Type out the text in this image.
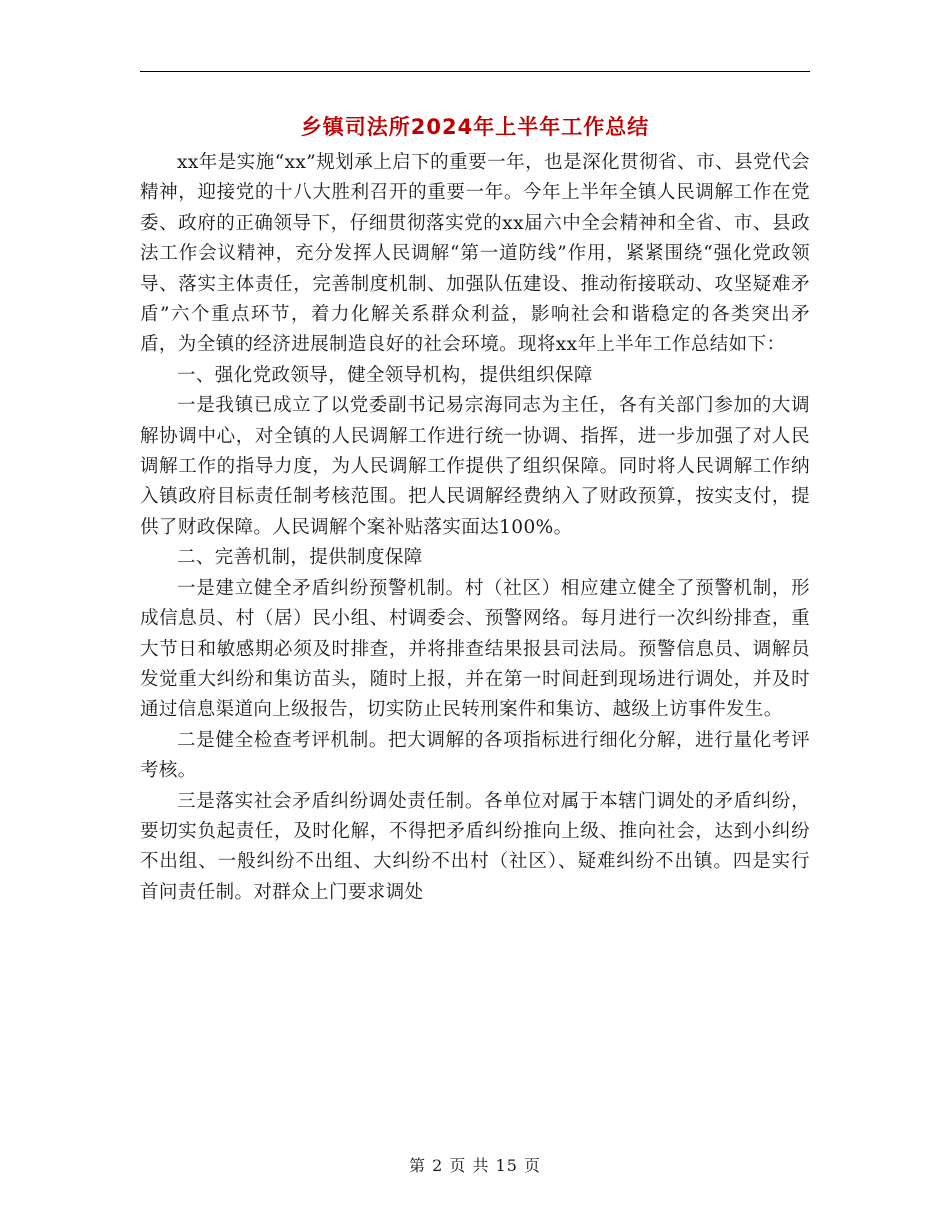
乡镇司法所2024年上半年工作总结

xx年是实施“xx”规划承上启下的重要一年，也是深化贯彻省、市、县党代会精神，迎接党的十八大胜利召开的重要一年。今年上半年全镇人民调解工作在党委、政府的正确领导下，仔细贯彻落实党的xx届六中全会精神和全省、市、县政法工作会议精神，充分发挥人民调解“第一道防线”作用，紧紧围绕“强化党政领导、落实主体责任，完善制度机制、加强队伍建设、推动衔接联动、攻坚疑难矛盾”六个重点环节，着力化解关系群众利益，影响社会和谐稳定的各类突出矛盾，为全镇的经济进展制造良好的社会环境。现将xx年上半年工作总结如下：

一、强化党政领导，健全领导机构，提供组织保障

一是我镇已成立了以党委副书记易宗海同志为主任，各有关部门参加的大调解协调中心，对全镇的人民调解工作进行统一协调、指挥，进一步加强了对人民调解工作的指导力度，为人民调解工作提供了组织保障。同时将人民调解工作纳入镇政府目标责任制考核范围。把人民调解经费纳入了财政预算，按实支付，提供了财政保障。人民调解个案补贴落实面达100%。

二、完善机制，提供制度保障

一是建立健全矛盾纠纷预警机制。村（社区）相应建立健全了预警机制，形成信息员、村（居）民小组、村调委会、预警网络。每月进行一次纠纷排查，重大节日和敏感期必须及时排查，并将排查结果报县司法局。预警信息员、调解员发觉重大纠纷和集访苗头，随时上报，并在第一时间赶到现场进行调处，并及时通过信息渠道向上级报告，切实防止民转刑案件和集访、越级上访事件发生。

二是健全检查考评机制。把大调解的各项指标进行细化分解，进行量化考评考核。

三是落实社会矛盾纠纷调处责任制。各单位对属于本辖门调处的矛盾纠纷，要切实负起责任，及时化解，不得把矛盾纠纷推向上级、推向社会，达到小纠纷不出组、一般纠纷不出组、大纠纷不出村（社区）、疑难纠纷不出镇。四是实行首问责任制。对群众上门要求调处

第 2 页 共 15 页
